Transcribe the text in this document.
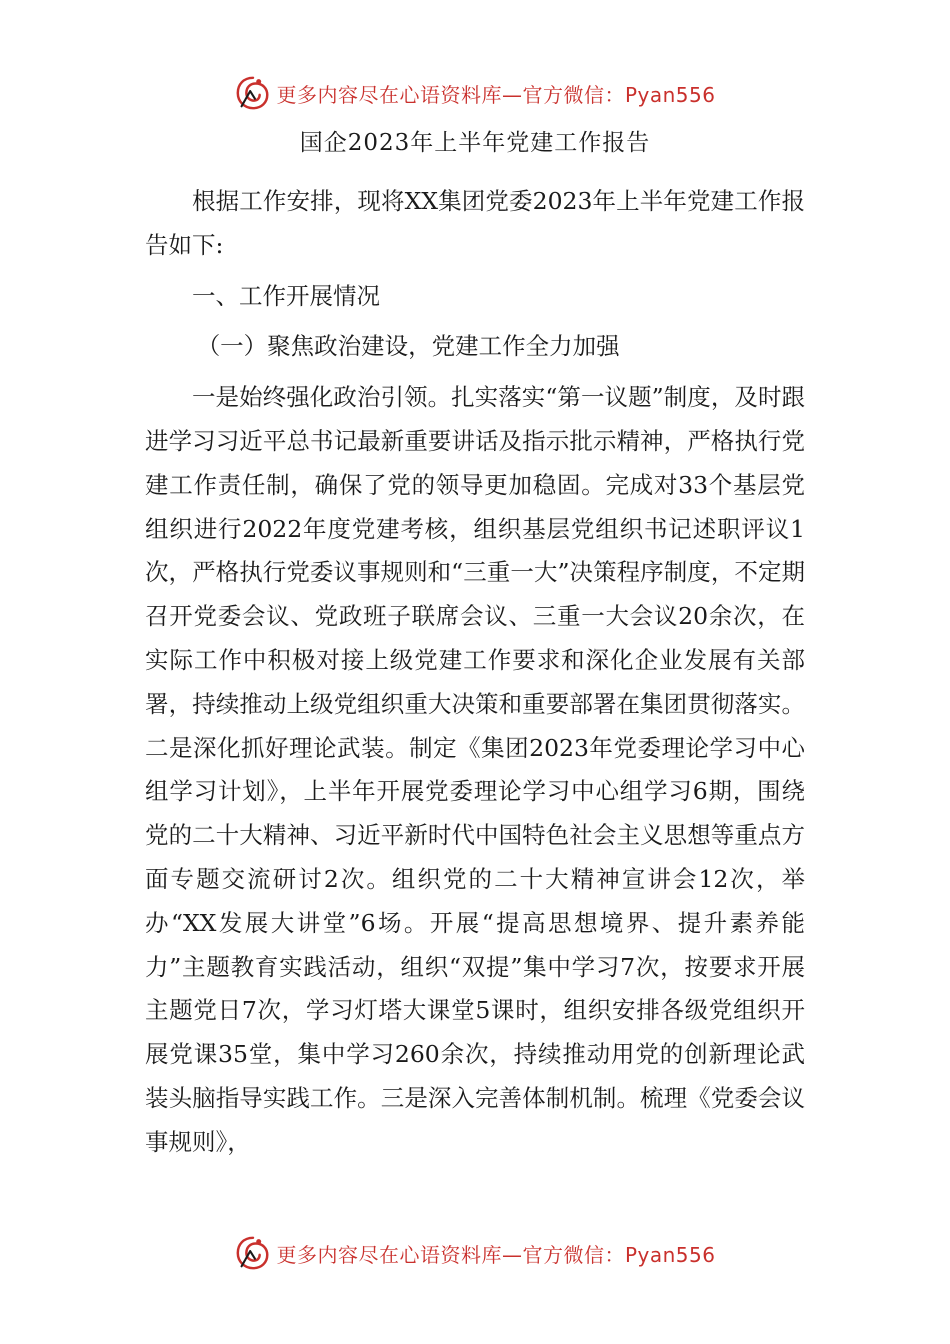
更多内容尽在心语资料库—官方微信：Pyan556
国企2023年上半年党建工作报告

根据工作安排，现将XX集团党委2023年上半年党建工作报告如下:

一、工作开展情况

（一）聚焦政治建设，党建工作全力加强

一是始终强化政治引领。扎实落实“第一议题”制度，及时跟进学习习近平总书记最新重要讲话及指示批示精神，严格执行党建工作责任制，确保了党的领导更加稳固。完成对33个基层党组织进行2022年度党建考核，组织基层党组织书记述职评议1次，严格执行党委议事规则和“三重一大”决策程序制度，不定期召开党委会议、党政班子联席会议、三重一大会议20余次，在实际工作中积极对接上级党建工作要求和深化企业发展有关部署，持续推动上级党组织重大决策和重要部署在集团贯彻落实。二是深化抓好理论武装。制定《集团2023年党委理论学习中心组学习计划》，上半年开展党委理论学习中心组学习6期，围绕党的二十大精神、习近平新时代中国特色社会主义思想等重点方面专题交流研讨2次。组织党的二十大精神宣讲会12次，举办“XX发展大讲堂”6场。开展“提高思想境界、提升素养能力”主题教育实践活动，组织“双提”集中学习7次，按要求开展主题党日7次，学习灯塔大课堂5课时，组织安排各级党组织开展党课35堂，集中学习260余次，持续推动用党的创新理论武装头脑指导实践工作。三是深入完善体制机制。梳理《党委会议事规则》，

更多内容尽在心语资料库—官方微信：Pyan556
